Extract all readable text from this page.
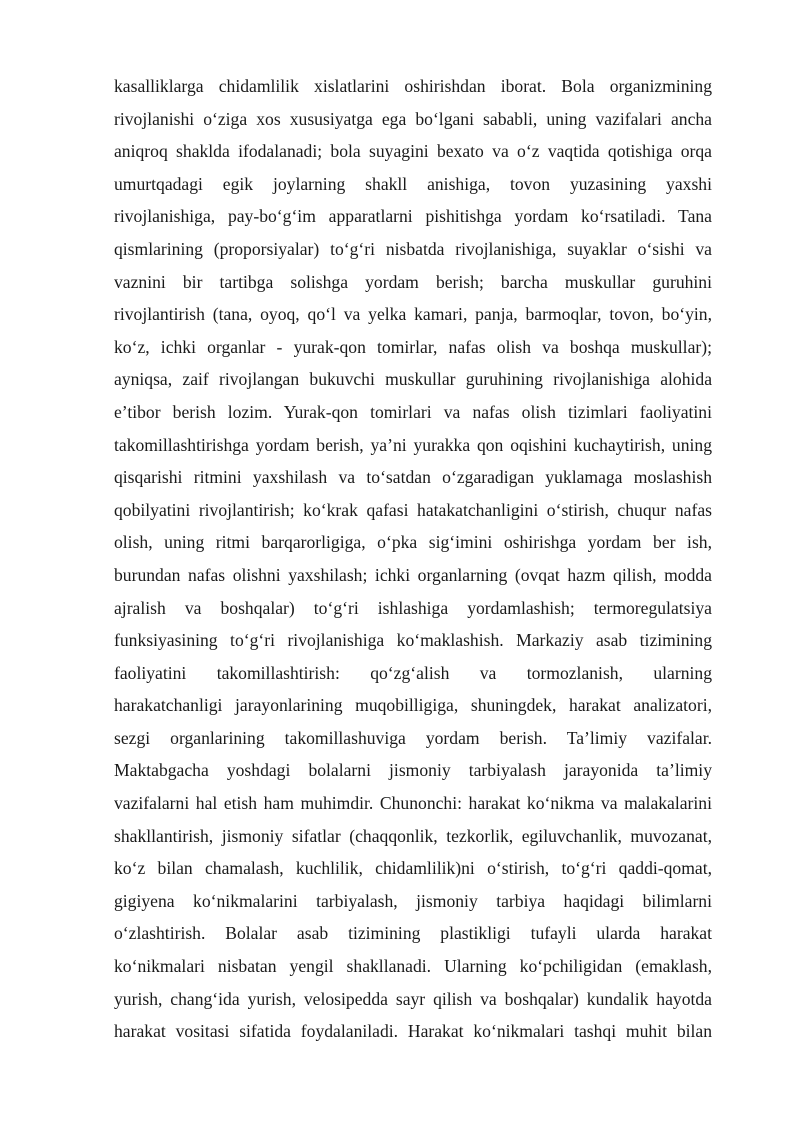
kasalliklarga chidamlilik xislatlarini oshirishdan iborat. Bola organizmining
rivojlanishi oʻziga xos xususiyatga ega boʻlgani sababli, uning vazifalari ancha
aniqroq shaklda ifodalanadi; bola suyagini bexato va oʻz vaqtida qotishiga orqa
umurtqadagi egik joylarning shakll anishiga, tovon yuzasining yaxshi
rivojlanishiga, pay-boʻgʻim apparatlarni pishitishga yordam koʻrsatiladi. Tana
qismlarining (proporsiyalar) toʻgʻri nisbatda rivojlanishiga, suyaklar oʻsishi va
vaznini bir tartibga solishga yordam berish; barcha muskullar guruhini
rivojlantirish (tana, oyoq, qoʻl va yelka kamari, panja, barmoqlar, tovon, boʻyin,
koʻz, ichki organlar - yurak-qon tomirlar, nafas olish va boshqa muskullar);
ayniqsa, zaif rivojlangan bukuvchi muskullar guruhining rivojlanishiga alohida
e’tibor berish lozim. Yurak-qon tomirlari va nafas olish tizimlari faoliyatini
takomillashtirishga yordam berish, ya’ni yurakka qon oqishini kuchaytirish, uning
qisqarishi ritmini yaxshilash va toʻsatdan oʻzgaradigan yuklamaga moslashish
qobilyatini rivojlantirish; koʻkrak qafasi hatakatchanligini oʻstirish, chuqur nafas
olish, uning ritmi barqarorligiga, oʻpka sigʻimini oshirishga yordam ber ish,
burundan nafas olishni yaxshilash; ichki organlarning (ovqat hazm qilish, modda
ajralish va boshqalar) toʻgʻri ishlashiga yordamlashish; termoregulatsiya
funksiyasining toʻgʻri rivojlanishiga koʻmaklashish. Markaziy asab tizimining
faoliyatini takomillashtirish: qoʻzgʻalish va tormozlanish, ularning
harakatchanligi jarayonlarining muqobilligiga, shuningdek, harakat analizatori,
sezgi organlarining takomillashuviga yordam berish. Ta’limiy vazifalar.
Maktabgacha yoshdagi bolalarni jismoniy tarbiyalash jarayonida ta’limiy
vazifalarni hal etish ham muhimdir. Chunonchi: harakat koʻnikma va malakalarini
shakllantirish, jismoniy sifatlar (chaqqonlik, tezkorlik, egiluvchanlik, muvozanat,
koʻz bilan chamalash, kuchlilik, chidamlilik)ni oʻstirish, toʻgʻri qaddi-qomat,
gigiyena koʻnikmalarini tarbiyalash, jismoniy tarbiya haqidagi bilimlarni
oʻzlashtirish. Bolalar asab tizimining plastikligi tufayli ularda harakat
koʻnikmalari nisbatan yengil shakllanadi. Ularning koʻpchiligidan (emaklash,
yurish, changʻida yurish, velosipedda sayr qilish va boshqalar) kundalik hayotda
harakat vositasi sifatida foydalaniladi. Harakat koʻnikmalari tashqi muhit bilan
